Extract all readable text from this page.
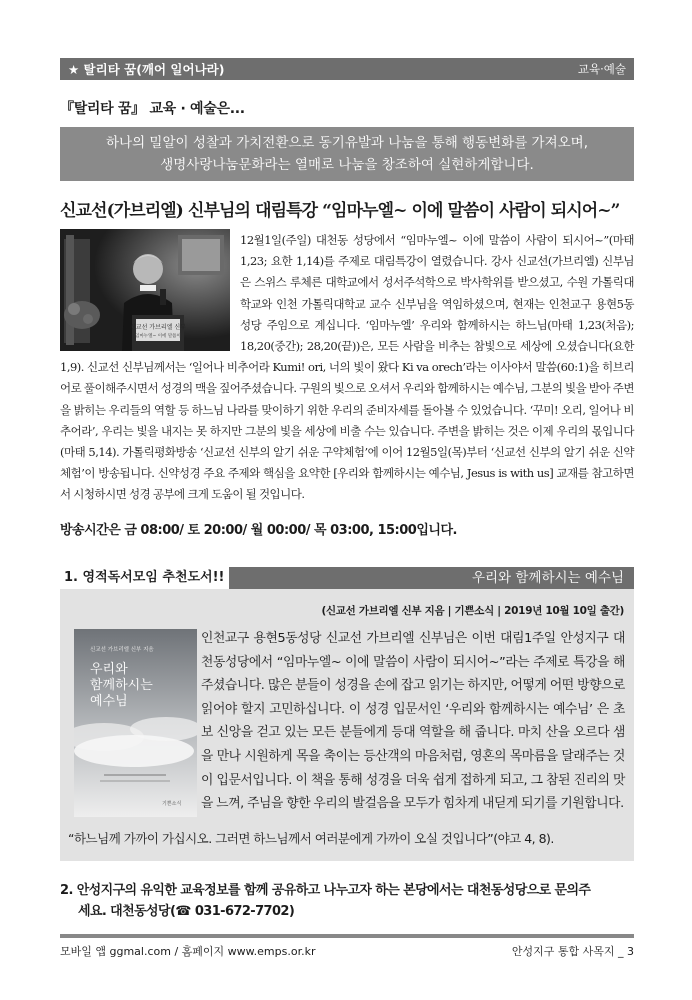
★ 탈리타 꿈(깨어 일어나라)	교육·예술
『탈리타 꿈』 교육 · 예술은...

하나의 밀알이 성찰과 가치전환으로 동기유발과 나눔을 통해 행동변화를 가져오며,

생명사랑나눔문화라는 열매로 나눔을 창조하여 실현하게합니다.

신교선(가브리엘) 신부님의 대림특강 “임마누엘~ 이에 말씀이 사람이 되시어~”
신교선 가브리엘 신부
임마누엘~ 이에 말씀이

12월1일(주일) 대천동 성당에서 “임마누엘~ 이에 말씀이 사람이 되시어~”(마태 1,23; 요한 1,14)를 주제로 대림특강이 열렸습니다. 강사 신교선(가브리엘) 신부님은 스위스 루체른 대학교에서 성서주석학으로 박사학위를 받으셨고, 수원 가톨릭대학교와 인천 가톨릭대학교 교수 신부님을 역임하셨으며, 현재는 인천교구 용현5동 성당 주임으로 계십니다. ‘임마누엘’ 우리와 함께하시는 하느님(마태 1,23(처음); 18,20(중간); 28,20(끝))은, 모든 사람을 비추는 참빛으로 세상에 오셨습니다(요한 1,9). 신교선 신부님께서는 ‘일어나 비추어라 Kumi! ori, 너의 빛이 왔다 Ki va orech’라는 이사야서 말씀(60:1)을 히브리어로 풀이해주시면서 성경의 맥을 짚어주셨습니다. 구원의 빛으로 오셔서 우리와 함께하시는 예수님, 그분의 빛을 받아 주변을 밝히는 우리들의 역할 등 하느님 나라를 맞이하기 위한 우리의 준비자세를 돌아볼 수 있었습니다. ‘꾸미! 오리, 일어나 비추어라’, 우리는 빛을 내지는 못 하지만 그분의 빛을 세상에 비출 수는 있습니다. 주변을 밝히는 것은 이제 우리의 몫입니다(마태 5,14). 가톨릭평화방송 ‘신교선 신부의 알기 쉬운 구약체험’에 이어 12월5일(목)부터 ‘신교선 신부의 알기 쉬운 신약체험’이 방송됩니다. 신약성경 주요 주제와 핵심을 요약한 [우리와 함께하시는 예수님, Jesus is with us] 교재를 참고하면서 시청하시면 성경 공부에 크게 도움이 될 것입니다.

방송시간은 금 08:00/ 토 20:00/ 월 00:00/ 목 03:00, 15:00입니다.
1. 영적독서모임 추천도서!!	우리와 함께하시는 예수님
(신교선 가브리엘 신부 지음 | 기쁜소식 | 2019년 10월 10일 출간)
신교선 가브리엘 신부 지음
우리와
함께하시는
예수님
기쁜소식

인천교구 용현5동성당 신교선 가브리엘 신부님은 이번 대림1주일 안성지구 대천동성당에서 “임마누엘~ 이에 말씀이 사람이 되시어~”라는 주제로 특강을 해 주셨습니다. 많은 분들이 성경을 손에 잡고 읽기는 하지만, 어떻게 어떤 방향으로 읽어야 할지 고민하십니다. 이 성경 입문서인 ‘우리와 함께하시는 예수님’ 은 초보 신앙을 걷고 있는 모든 분들에게 등대 역할을 해 줍니다. 마치 산을 오르다 샘을 만나 시원하게 목을 축이는 등산객의 마음처럼, 영혼의 목마름을 달래주는 것이 입문서입니다. 이 책을 통해 성경을 더욱 쉽게 접하게 되고, 그 참된 진리의 맛을 느껴, 주님을 향한 우리의 발걸음을 모두가 힘차게 내딛게 되기를 기원합니다.

“하느님께 가까이 가십시오. 그러면 하느님께서 여러분에게 가까이 오실 것입니다”(야고 4, 8).
2. 안성지구의 유익한 교육정보를 함께 공유하고 나누고자 하는 본당에서는 대천동성당으로 문의주
세요. 대천동성당(☎ 031-672-7702)
모바일 앱 ggmal.com / 홈페이지 www.emps.or.kr	안성지구 통합 사목지 _ 3
